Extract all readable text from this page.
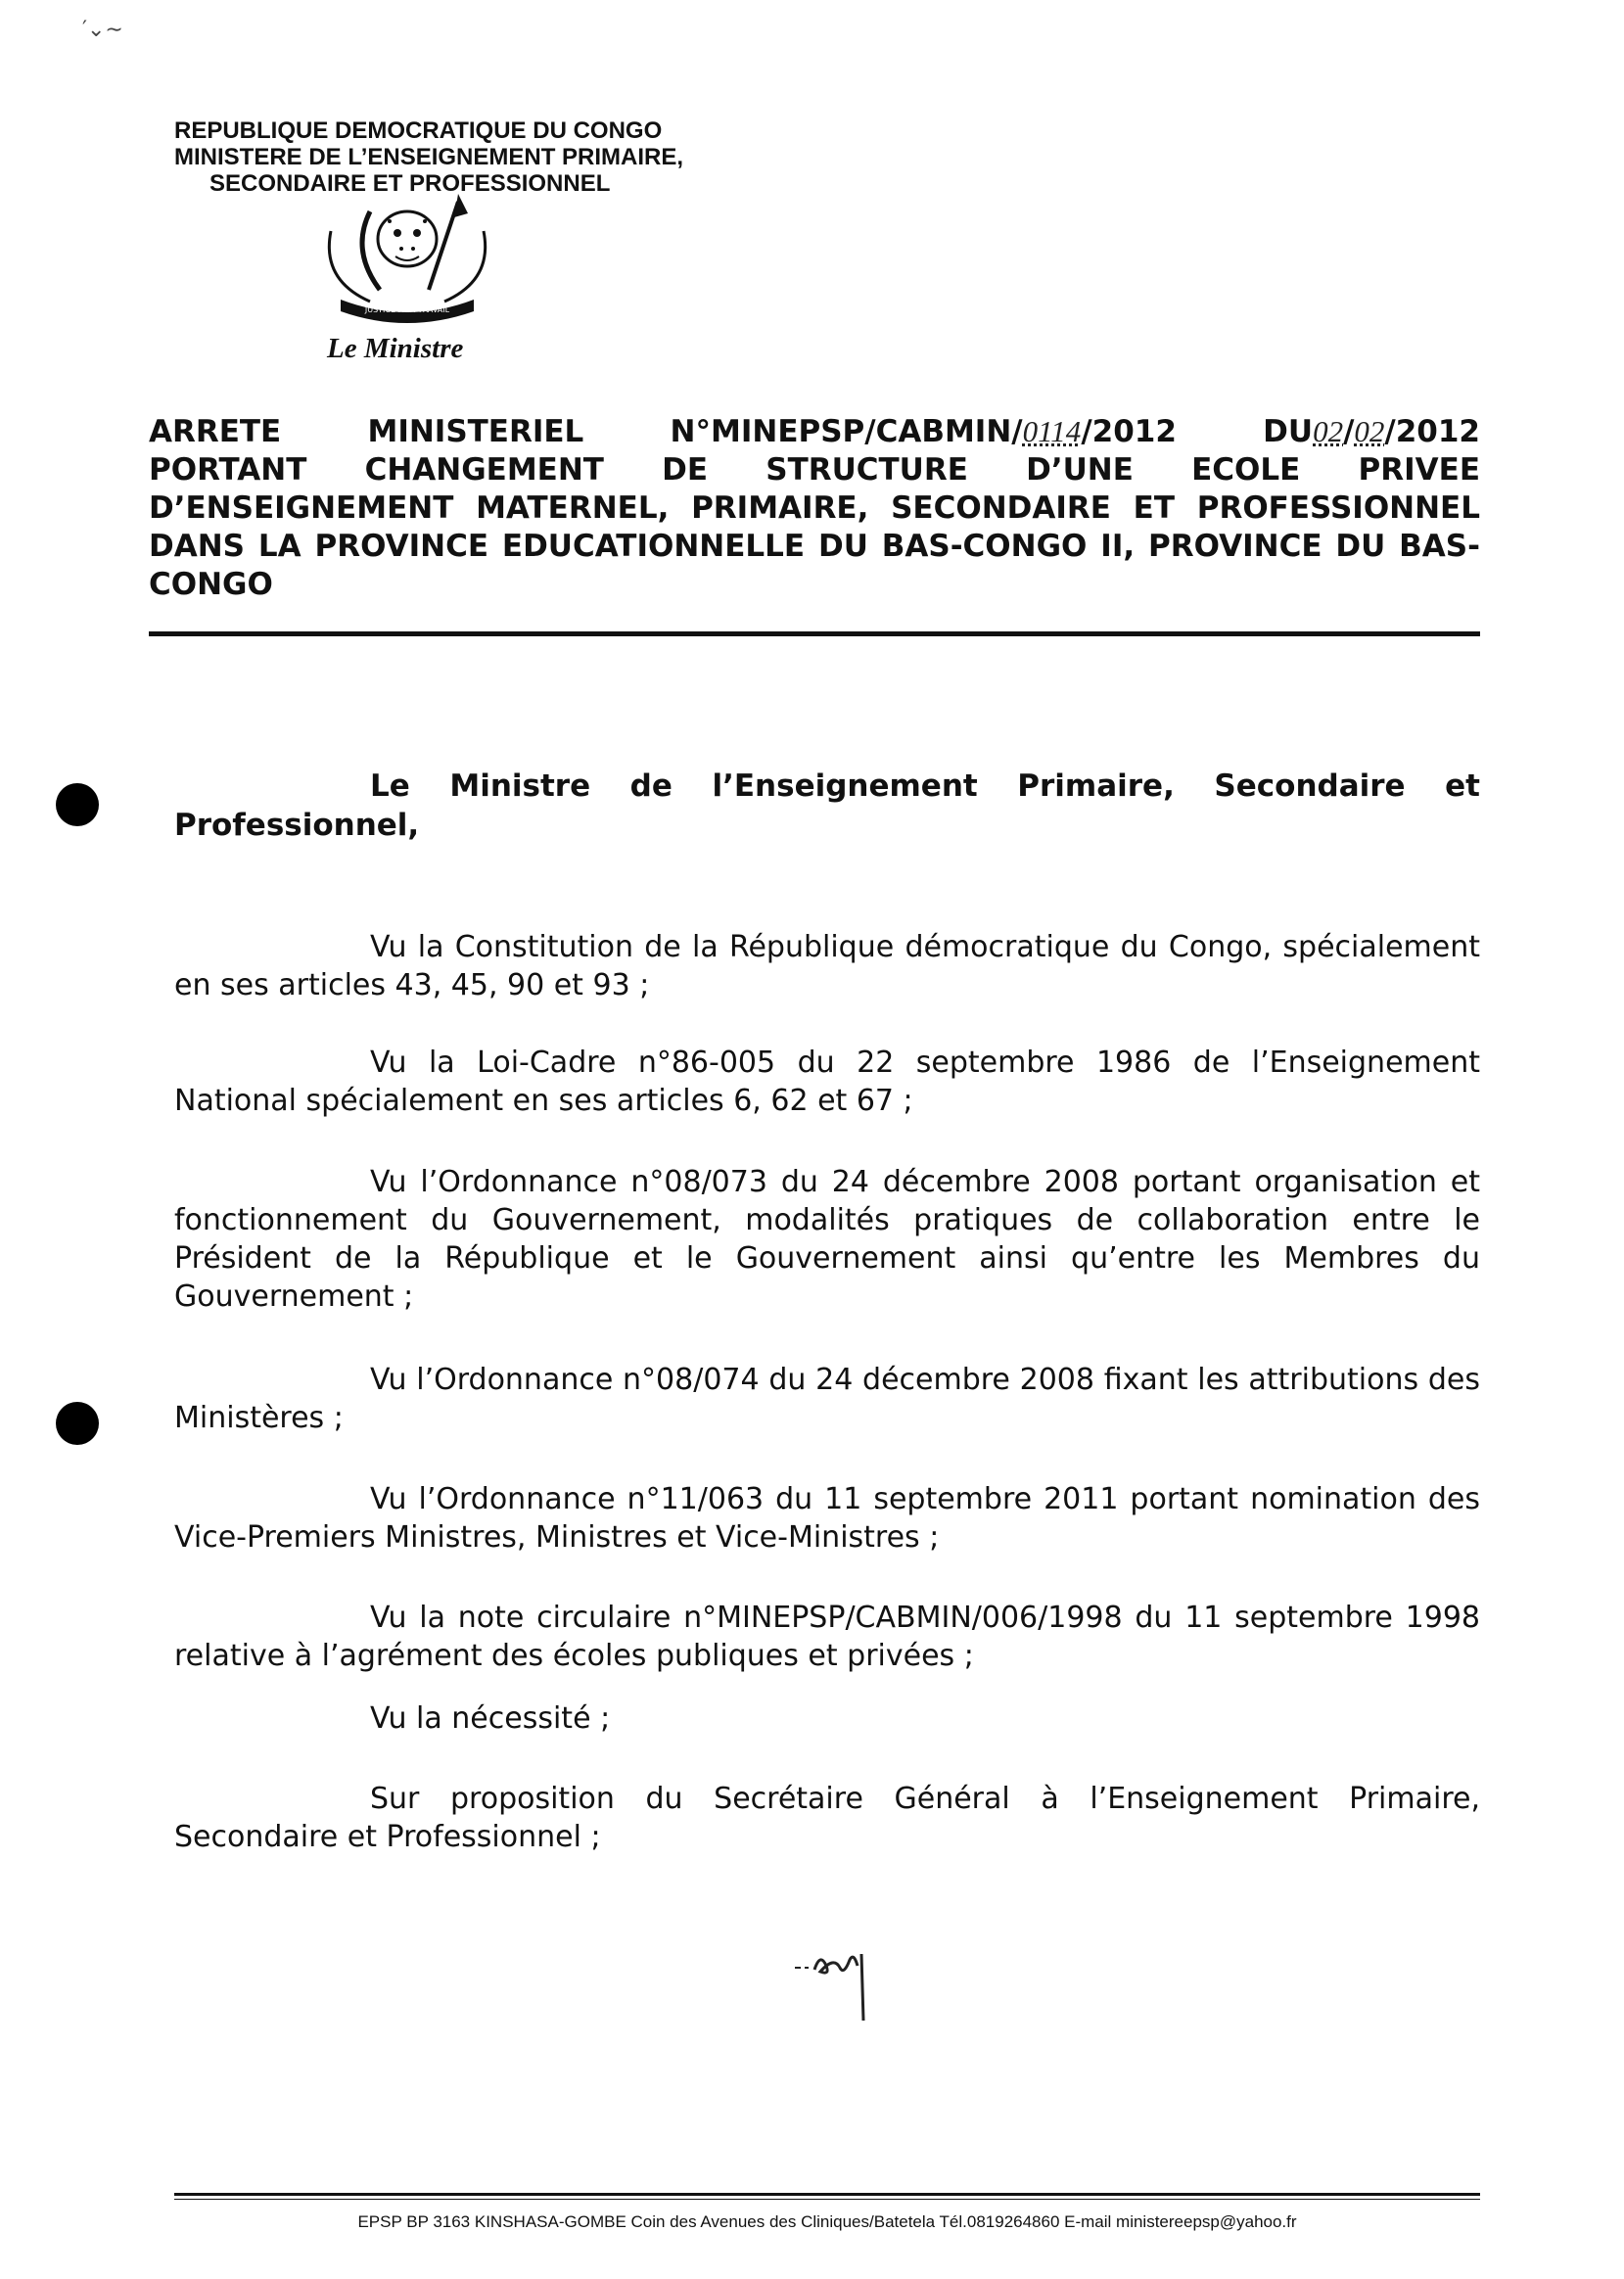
′⌄∼
REPUBLIQUE DEMOCRATIQUE DU CONGO
MINISTERE DE L’ENSEIGNEMENT PRIMAIRE,
SECONDAIRE ET PROFESSIONNEL
JUSTICE PAIX TRAVAIL
Le Ministre
ARRETE MINISTERIEL N°MINEPSP/CABMIN/0114/2012 DU02/02/2012
PORTANT CHANGEMENT DE STRUCTURE D’UNE ECOLE PRIVEE
D’ENSEIGNEMENT MATERNEL, PRIMAIRE, SECONDAIRE ET PROFESSIONNEL
DANS LA PROVINCE EDUCATIONNELLE DU BAS-CONGO II, PROVINCE DU BAS-
CONGO
Le Ministre de l’Enseignement Primaire, Secondaire et
Professionnel,
Vu la Constitution de la République démocratique du Congo, spécialement en ses articles 43, 45, 90 et 93 ;
Vu la Loi-Cadre n°86-005 du 22 septembre 1986 de l’Enseignement National spécialement en ses articles 6, 62 et 67 ;
Vu l’Ordonnance n°08/073 du 24 décembre 2008 portant organisation et fonctionnement du Gouvernement, modalités pratiques de collaboration entre le Président de la République et le Gouvernement ainsi qu’entre les Membres du Gouvernement ;
Vu l’Ordonnance n°08/074 du 24 décembre 2008 fixant les attributions des Ministères ;
Vu l’Ordonnance n°11/063 du 11 septembre 2011 portant nomination des Vice-Premiers Ministres, Ministres et Vice-Ministres ;
Vu la note circulaire n°MINEPSP/CABMIN/006/1998 du 11 septembre 1998 relative à l’agrément des écoles publiques et privées ;
Vu la nécessité ;
Sur proposition du Secrétaire Général à l’Enseignement Primaire, Secondaire et Professionnel ;
EPSP BP 3163 KINSHASA-GOMBE Coin des Avenues des Cliniques/Batetela Tél.0819264860 E-mail ministereepsp@yahoo.fr
